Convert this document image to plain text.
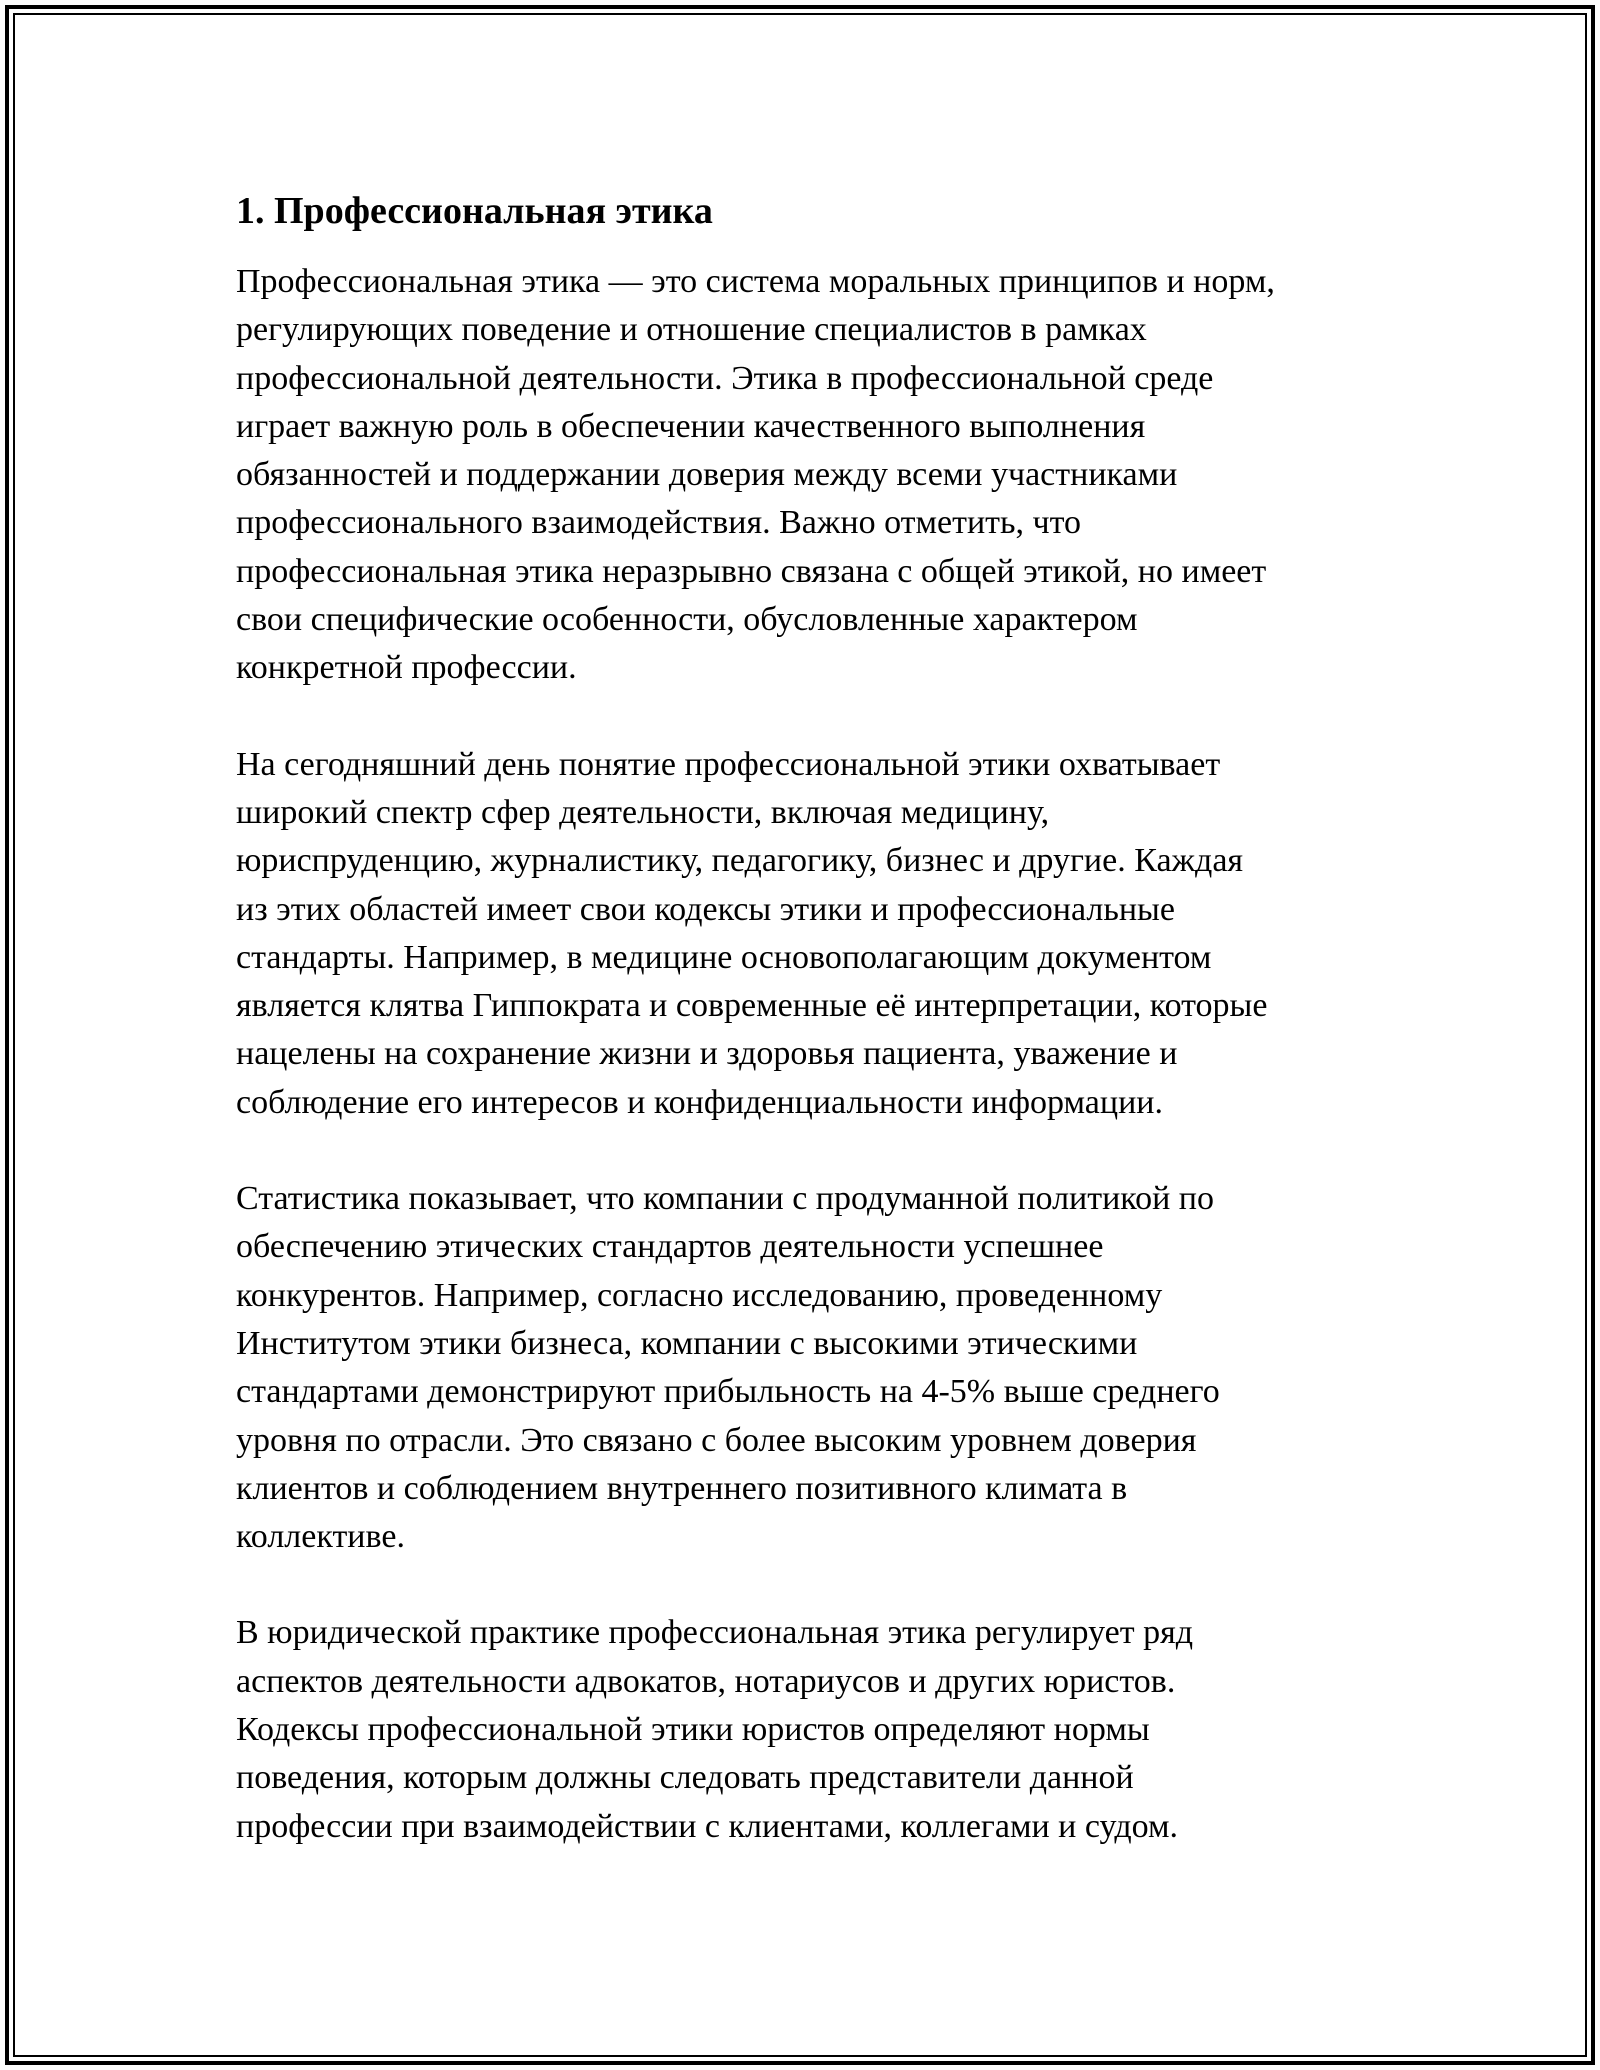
1. Профессиональная этика
Профессиональная этика — это система моральных принципов и норм,
регулирующих поведение и отношение специалистов в рамках
профессиональной деятельности. Этика в профессиональной среде
играет важную роль в обеспечении качественного выполнения
обязанностей и поддержании доверия между всеми участниками
профессионального взаимодействия. Важно отметить, что
профессиональная этика неразрывно связана с общей этикой, но имеет
свои специфические особенности, обусловленные характером
конкретной профессии.
На сегодняшний день понятие профессиональной этики охватывает
широкий спектр сфер деятельности, включая медицину,
юриспруденцию, журналистику, педагогику, бизнес и другие. Каждая
из этих областей имеет свои кодексы этики и профессиональные
стандарты. Например, в медицине основополагающим документом
является клятва Гиппократа и современные её интерпретации, которые
нацелены на сохранение жизни и здоровья пациента, уважение и
соблюдение его интересов и конфиденциальности информации.
Статистика показывает, что компании с продуманной политикой по
обеспечению этических стандартов деятельности успешнее
конкурентов. Например, согласно исследованию, проведенному
Институтом этики бизнеса, компании с высокими этическими
стандартами демонстрируют прибыльность на 4-5% выше среднего
уровня по отрасли. Это связано с более высоким уровнем доверия
клиентов и соблюдением внутреннего позитивного климата в
коллективе.
В юридической практике профессиональная этика регулирует ряд
аспектов деятельности адвокатов, нотариусов и других юристов.
Кодексы профессиональной этики юристов определяют нормы
поведения, которым должны следовать представители данной
профессии при взаимодействии с клиентами, коллегами и судом.
